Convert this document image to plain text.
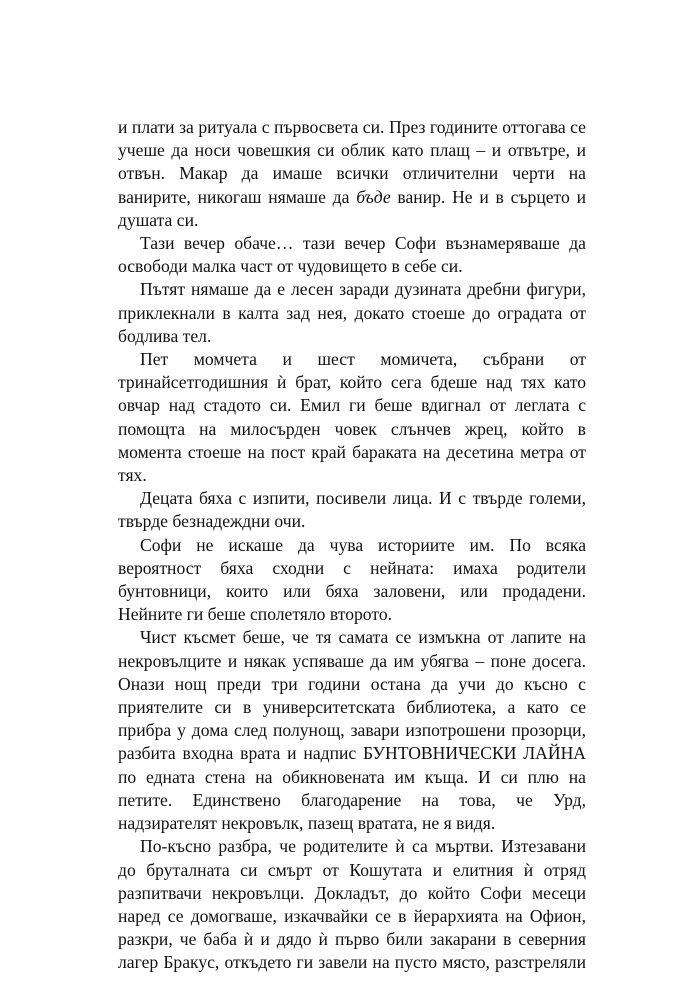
и плати за ритуала с първосвета си. През годините оттогава се учеше да носи човешкия си облик като плащ – и отвътре, и отвън. Макар да имаше всички отличителни черти на ванирите, никогаш нямаше да бъде ванир. Не и в сърцето и душата си.

Тази вечер обаче… тази вечер Софи възнамеряваше да освободи малка част от чудовището в себе си.

Пътят нямаше да е лесен заради дузината дребни фигури, приклекнали в калта зад нея, докато стоеше до оградата от бодлива тел.

Пет момчета и шест момичета, събрани от тринайсетгодишния ѝ брат, който сега бдеше над тях като овчар над стадото си. Емил ги беше вдигнал от леглата с помощта на милосърден човек слънчев жрец, който в момента стоеше на пост край бараката на десетина метра от тях.

Децата бяха с изпити, посивели лица. И с твърде големи, твърде безнадеждни очи.

Софи не искаше да чува историите им. По всяка вероятност бяха сходни с нейната: имаха родители бунтовници, които или бяха заловени, или продадени. Нейните ги беше сполетяло второто.

Чист късмет беше, че тя самата се измъкна от лапите на некровълците и някак успяваше да им убягва – поне досега. Онази нощ преди три години остана да учи до късно с приятелите си в университетската библиотека, а като се прибра у дома след полунощ, завари изпотрошени прозорци, разбита входна врата и надпис БУНТОВНИЧЕСКИ ЛАЙНА по едната стена на обикновената им къща. И си плю на петите. Единствено благодарение на това, че Урд, надзирателят некровълк, пазещ вратата, не я видя.

По-късно разбра, че родителите ѝ са мъртви. Изтезавани до бруталната си смърт от Кошутата и елитния ѝ отряд разпитвачи некровълци. Докладът, до който Софи месеци наред се домогваше, изкачвайки се в йерархията на Офион, разкри, че баба ѝ и дядо ѝ първо били закарани в северния лагер Бракус, откъдето ги завели на пусто място, разстреляли
